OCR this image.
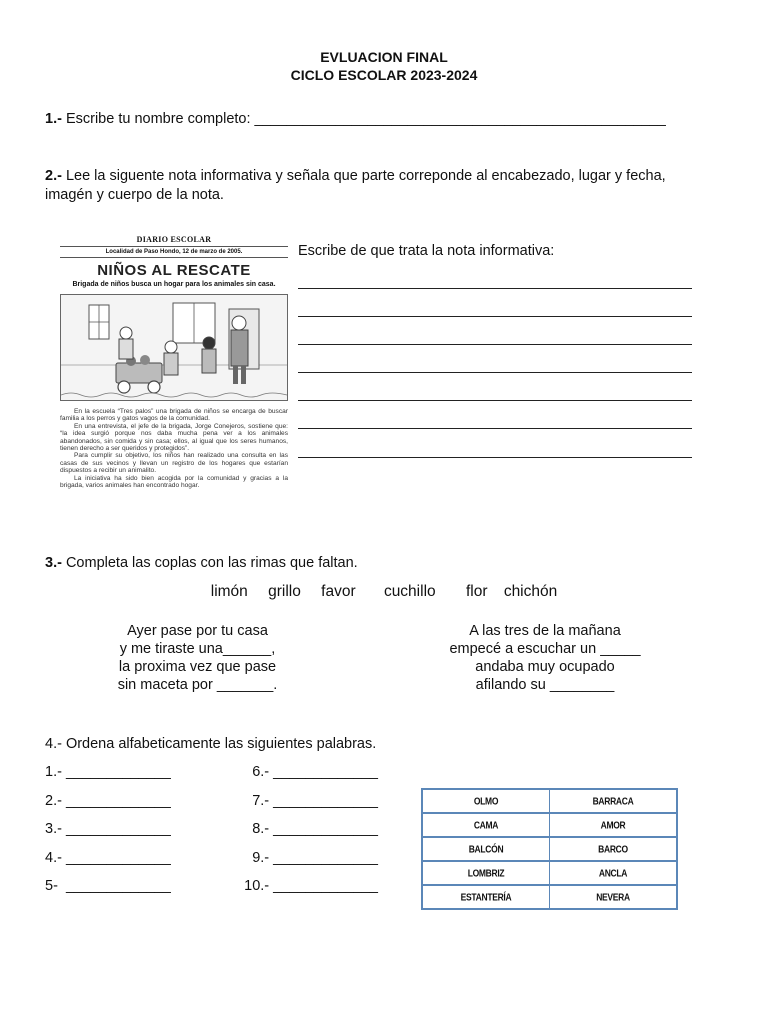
EVLUACION FINAL
CICLO ESCOLAR 2023-2024
1.- Escribe tu nombre completo: ___________________________________________________
2.- Lee la siguente nota informativa y señala que parte correponde al encabezado, lugar y fecha,
imagén y cuerpo de la nota.
DIARIO ESCOLAR
Localidad de Paso Hondo, 12 de marzo de 2005.
NIÑOS AL RESCATE
Brigada de niños busca un hogar para los animales sin casa.

En la escuela “Tres palos” una brigada de niños se encarga de buscar familia a los perros y gatos vagos de la comunidad.

En una entrevista, el jefe de la brigada, Jorge Conejeros, sostiene que: “la idea surgió porque nos daba mucha pena ver a los animales abandonados, sin comida y sin casa; ellos, al igual que los seres humanos, tienen derecho a ser queridos y protegidos”.

Para cumplir su objetivo, los niños han realizado una consulta en las casas de sus vecinos y llevan un registro de los hogares que estarían dispuestos a recibir un animalito.

La iniciativa ha sido bien acogida por la comunidad y gracias a la brigada, varios animales han encontrado hogar.

Escribe de que trata la nota informativa:
3.- Completa las coplas con las rimas que faltan.
limón grillo favor cuchillo flor chichón
Ayer pase por tu casa
y me tiraste una______,
la proxima vez que pase
sin maceta por _______.
A las tres de la mañana
empecé a escuchar un _____
andaba muy ocupado
afilando su ________
4.- Ordena alfabeticamente las siguientes palabras.
1.- _____________
2.- _____________
3.- _____________
4.- _____________
5-  _____________
6.- _____________
7.- _____________
8.- _____________
9.- _____________
10.- _____________
OLMO	BARRACA
CAMA	AMOR
BALCÓN	BARCO
LOMBRIZ	ANCLA
ESTANTERÍA	NEVERA
